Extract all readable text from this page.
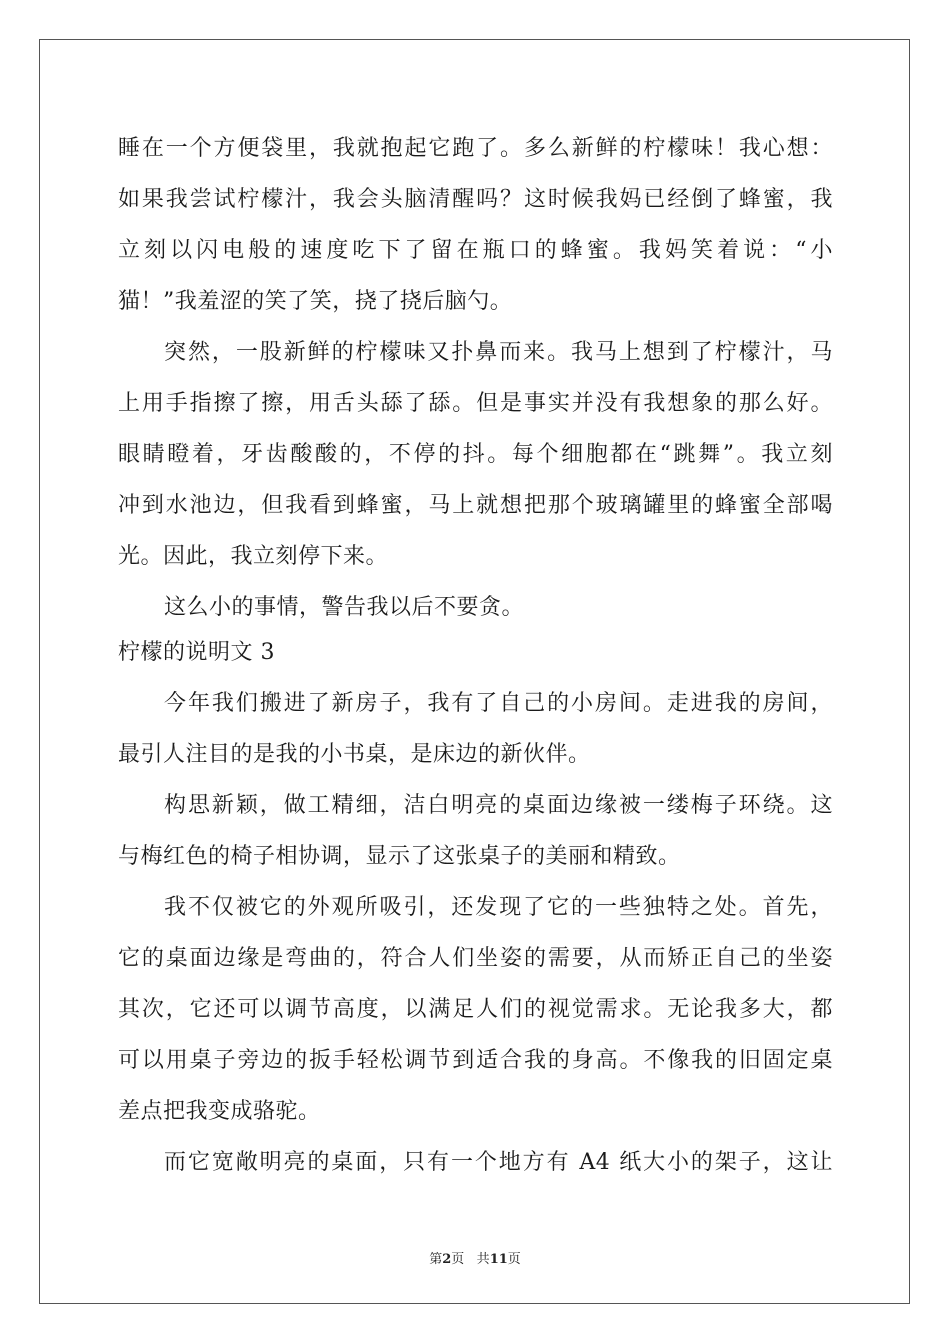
睡在一个方便袋里，我就抱起它跑了。多么新鲜的柠檬味！我心想：
如果我尝试柠檬汁，我会头脑清醒吗？这时候我妈已经倒了蜂蜜，我
立刻以闪电般的速度吃下了留在瓶口的蜂蜜。我妈笑着说：“小
猫！”我羞涩的笑了笑，挠了挠后脑勺。
突然，一股新鲜的柠檬味又扑鼻而来。我马上想到了柠檬汁，马
上用手指擦了擦，用舌头舔了舔。但是事实并没有我想象的那么好。
眼睛瞪着，牙齿酸酸的，不停的抖。每个细胞都在“跳舞”。我立刻
冲到水池边，但我看到蜂蜜，马上就想把那个玻璃罐里的蜂蜜全部喝
光。因此，我立刻停下来。
这么小的事情，警告我以后不要贪。
柠檬的说明文 3
今年我们搬进了新房子，我有了自己的小房间。走进我的房间，
最引人注目的是我的小书桌，是床边的新伙伴。
构思新颖，做工精细，洁白明亮的桌面边缘被一缕梅子环绕。这
与梅红色的椅子相协调，显示了这张桌子的美丽和精致。
我不仅被它的外观所吸引，还发现了它的一些独特之处。首先，
它的桌面边缘是弯曲的，符合人们坐姿的需要，从而矫正自己的坐姿
其次，它还可以调节高度，以满足人们的视觉需求。无论我多大，都
可以用桌子旁边的扳手轻松调节到适合我的身高。不像我的旧固定桌
差点把我变成骆驼。
而它宽敞明亮的桌面，只有一个地方有 A4 纸大小的架子，这让
第2页 共11页
